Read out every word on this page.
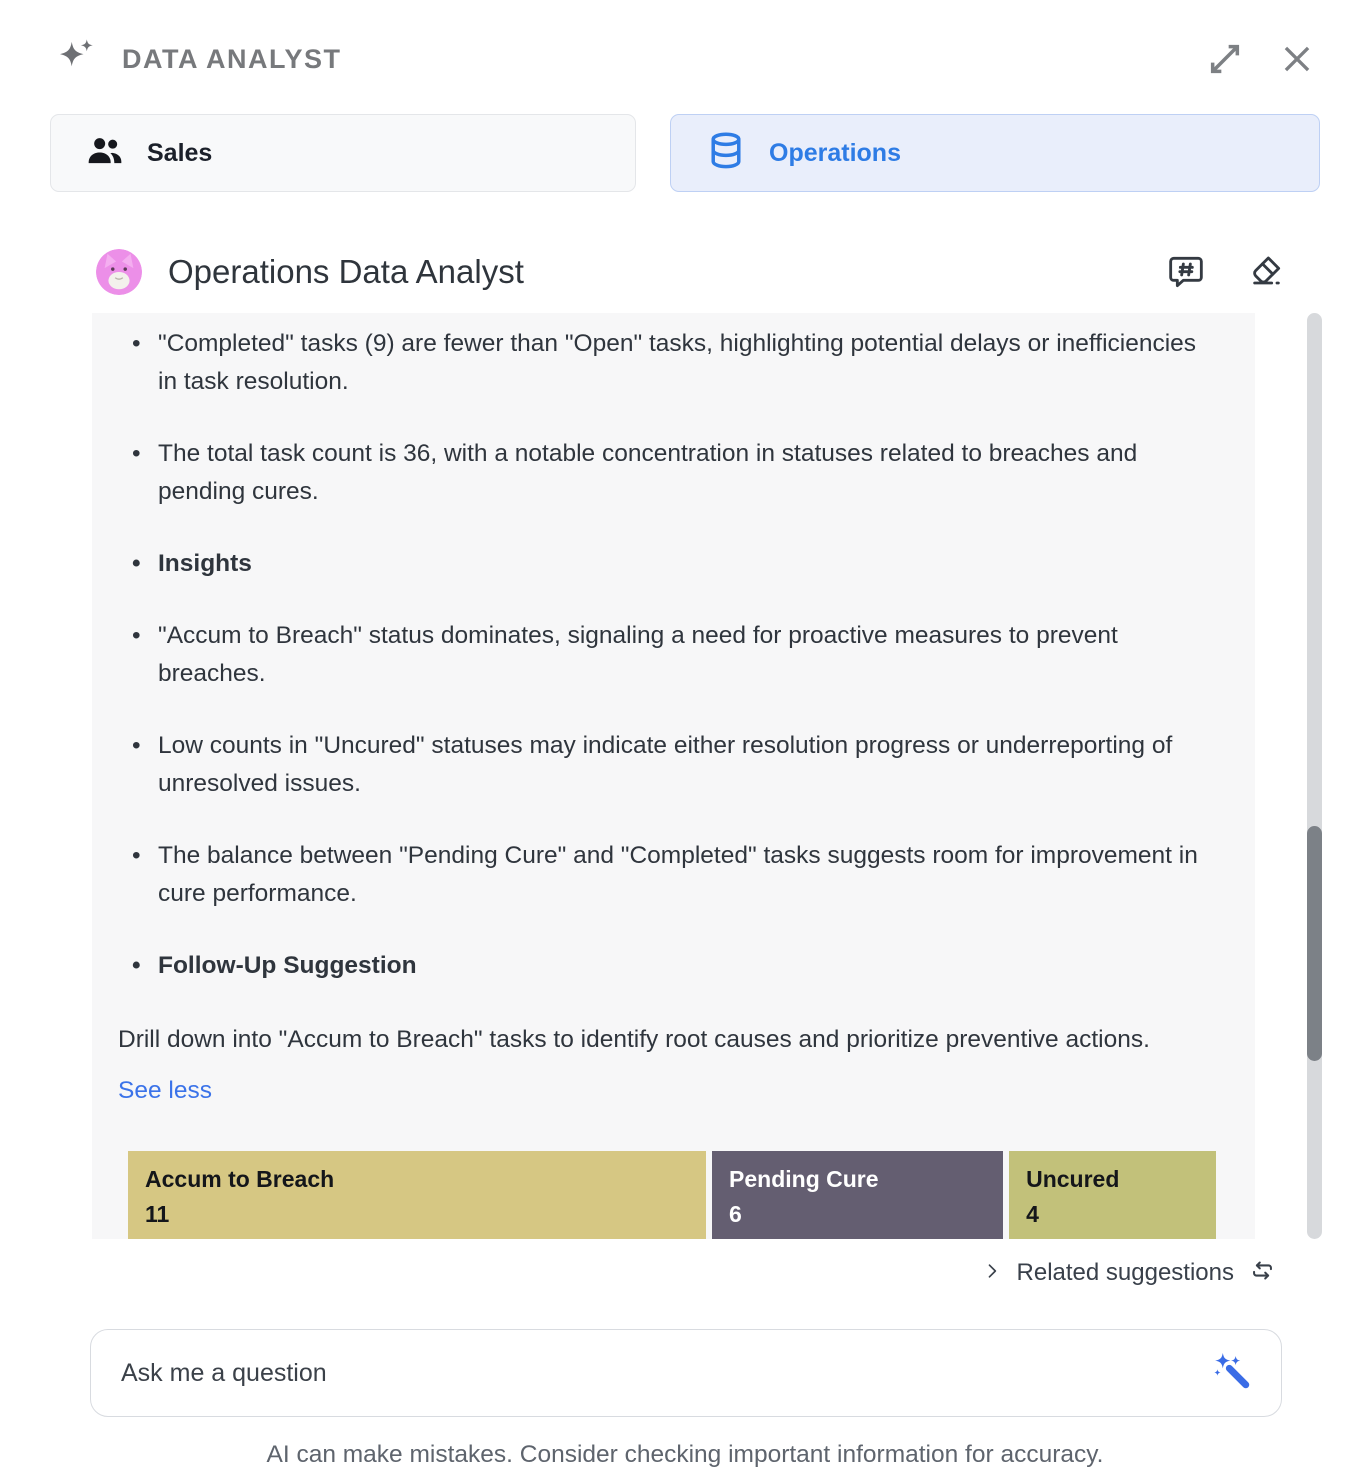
DATA ANALYST
Sales	Operations
Operations Data Analyst
• "Completed" tasks (9) are fewer than "Open" tasks, highlighting potential delays or inefficiencies in task resolution.
• The total task count is 36, with a notable concentration in statuses related to breaches and pending cures.
• Insights
• "Accum to Breach" status dominates, signaling a need for proactive measures to prevent breaches.
• Low counts in "Uncured" statuses may indicate either resolution progress or underreporting of unresolved issues.
• The balance between "Pending Cure" and "Completed" tasks suggests room for improvement in cure performance.
• Follow-Up Suggestion
Drill down into "Accum to Breach" tasks to identify root causes and prioritize preventive actions.
See less
Accum to Breach
11
Pending Cure
6
Uncured
4
Related suggestions
Ask me a question
AI can make mistakes. Consider checking important information for accuracy.
